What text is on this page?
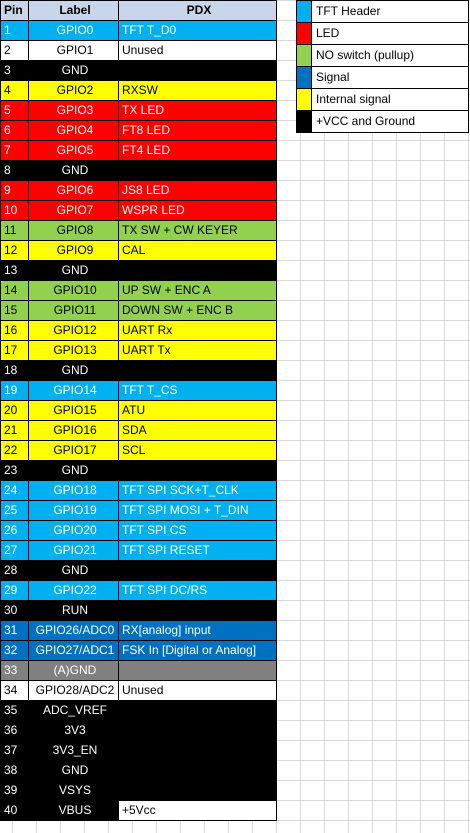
Pin	Label	PDX
1	GPIO0	TFT T_D0
2	GPIO1	Unused
3	GND	
4	GPIO2	RXSW
5	GPIO3	TX LED
6	GPIO4	FT8 LED
7	GPIO5	FT4 LED
8	GND	
9	GPIO6	JS8 LED
10	GPIO7	WSPR LED
11	GPIO8	TX SW + CW KEYER
12	GPIO9	CAL
13	GND	
14	GPIO10	UP SW + ENC A
15	GPIO11	DOWN SW + ENC B
16	GPIO12	UART Rx
17	GPIO13	UART Tx
18	GND	
19	GPIO14	TFT T_CS
20	GPIO15	ATU
21	GPIO16	SDA
22	GPIO17	SCL
23	GND	
24	GPIO18	TFT SPI SCK+T_CLK
25	GPIO19	TFT SPI MOSI + T_DIN
26	GPIO20	TFT SPI CS
27	GPIO21	TFT SPI RESET
28	GND	
29	GPIO22	TFT SPI DC/RS
30	RUN	
31	GPIO26/ADC0	RX[analog] input
32	GPIO27/ADC1	FSK In [Digital or Analog]
33	(A)GND	
34	GPIO28/ADC2	Unused
35	ADC_VREF	
36	3V3	
37	3V3_EN	
38	GND	
39	VSYS	
40	VBUS	+5Vcc
	TFT Header
	LED
	NO switch (pullup)
	Signal
	Internal signal
	+VCC and Ground
